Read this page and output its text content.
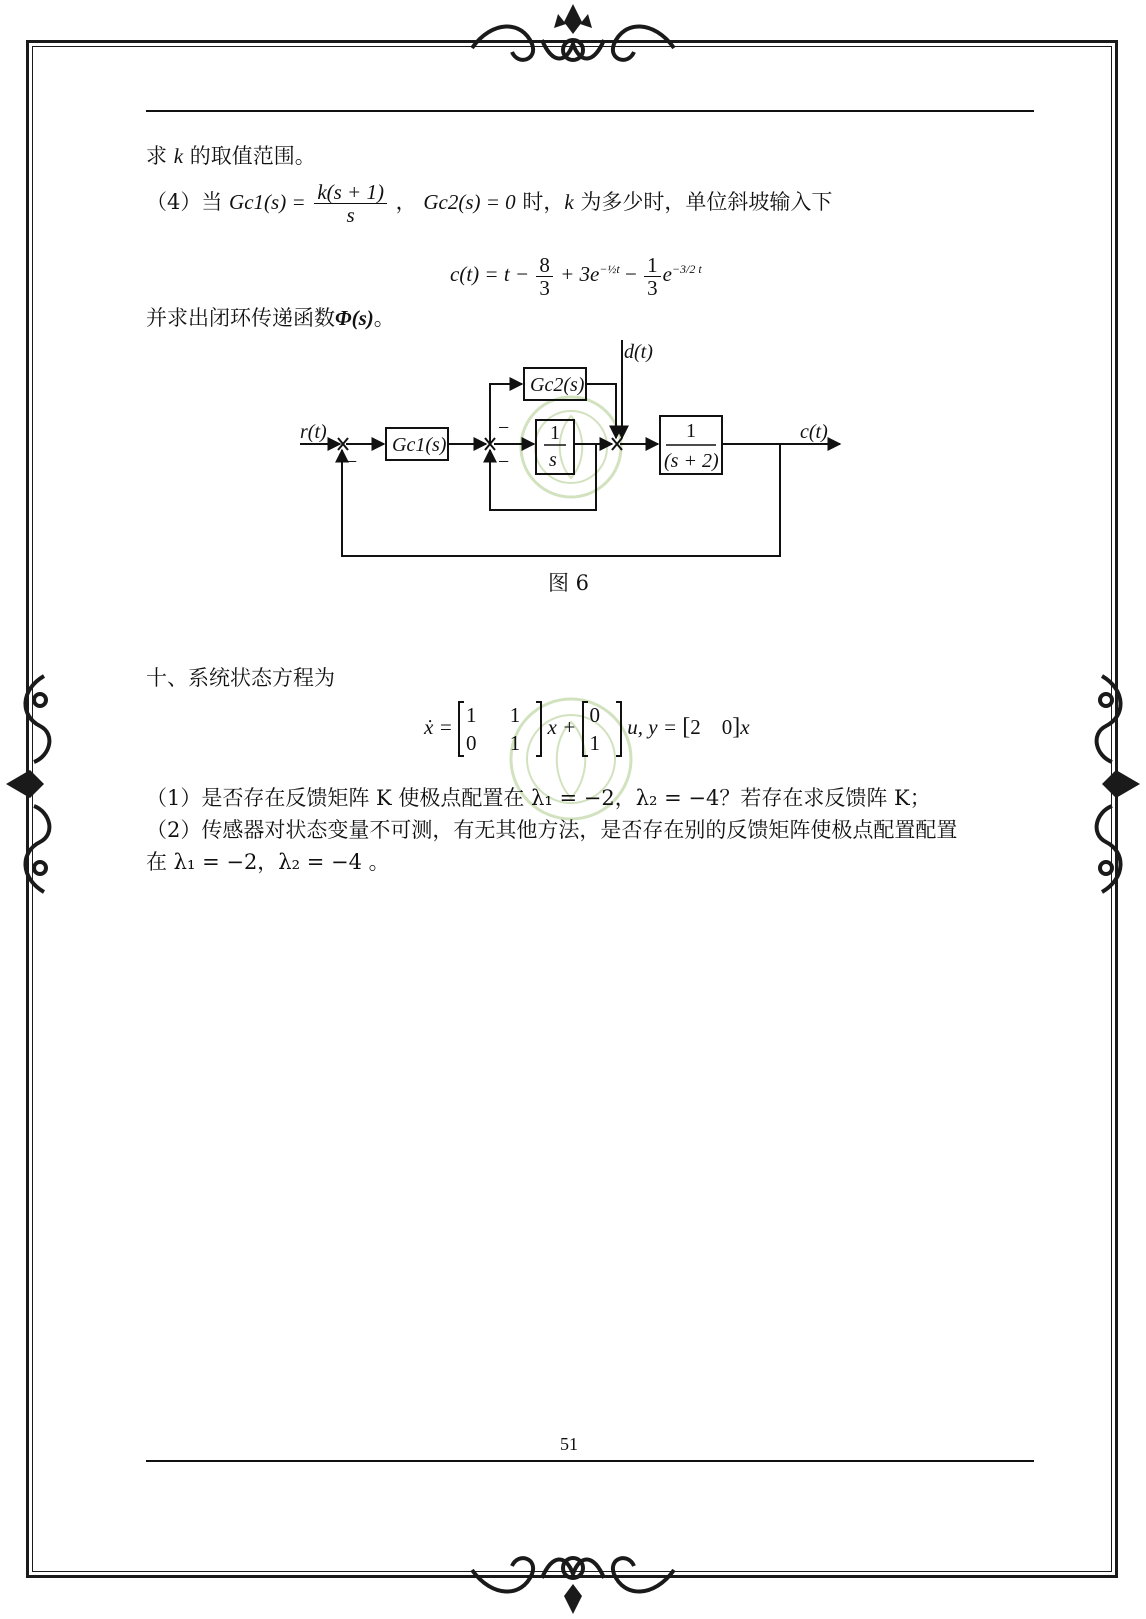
求 k 的取值范围。
（4）当 $Gc1(s) = \frac{k(s + 1)}{s}$ ， Gc2(s) = 0 时，k 为多少时，单位斜坡输入下
$c(t) = t - \frac{8}{3} + 3e^{-\frac{1}{2}t} - \frac{1}{3} e^{-3/2 t}$
并求出闭环传递函数Φ(s)。
r(t)
Gc1(s)
Gc2(s)
1
s
1
(s + 2)
d(t)
c(t)
−
−
−
图 6
十、系统状态方程为
ẋ = 1 1
0 1
x + 0
1
u, y = [2    0]x
（1）是否存在反馈矩阵 K 使极点配置在 λ₁ = −2，λ₂ = −4？若存在求反馈阵 K；
（2）传感器对状态变量不可测，有无其他方法，是否存在别的反馈矩阵使极点配置配置
在 λ₁ = −2，λ₂ = −4 。
51
